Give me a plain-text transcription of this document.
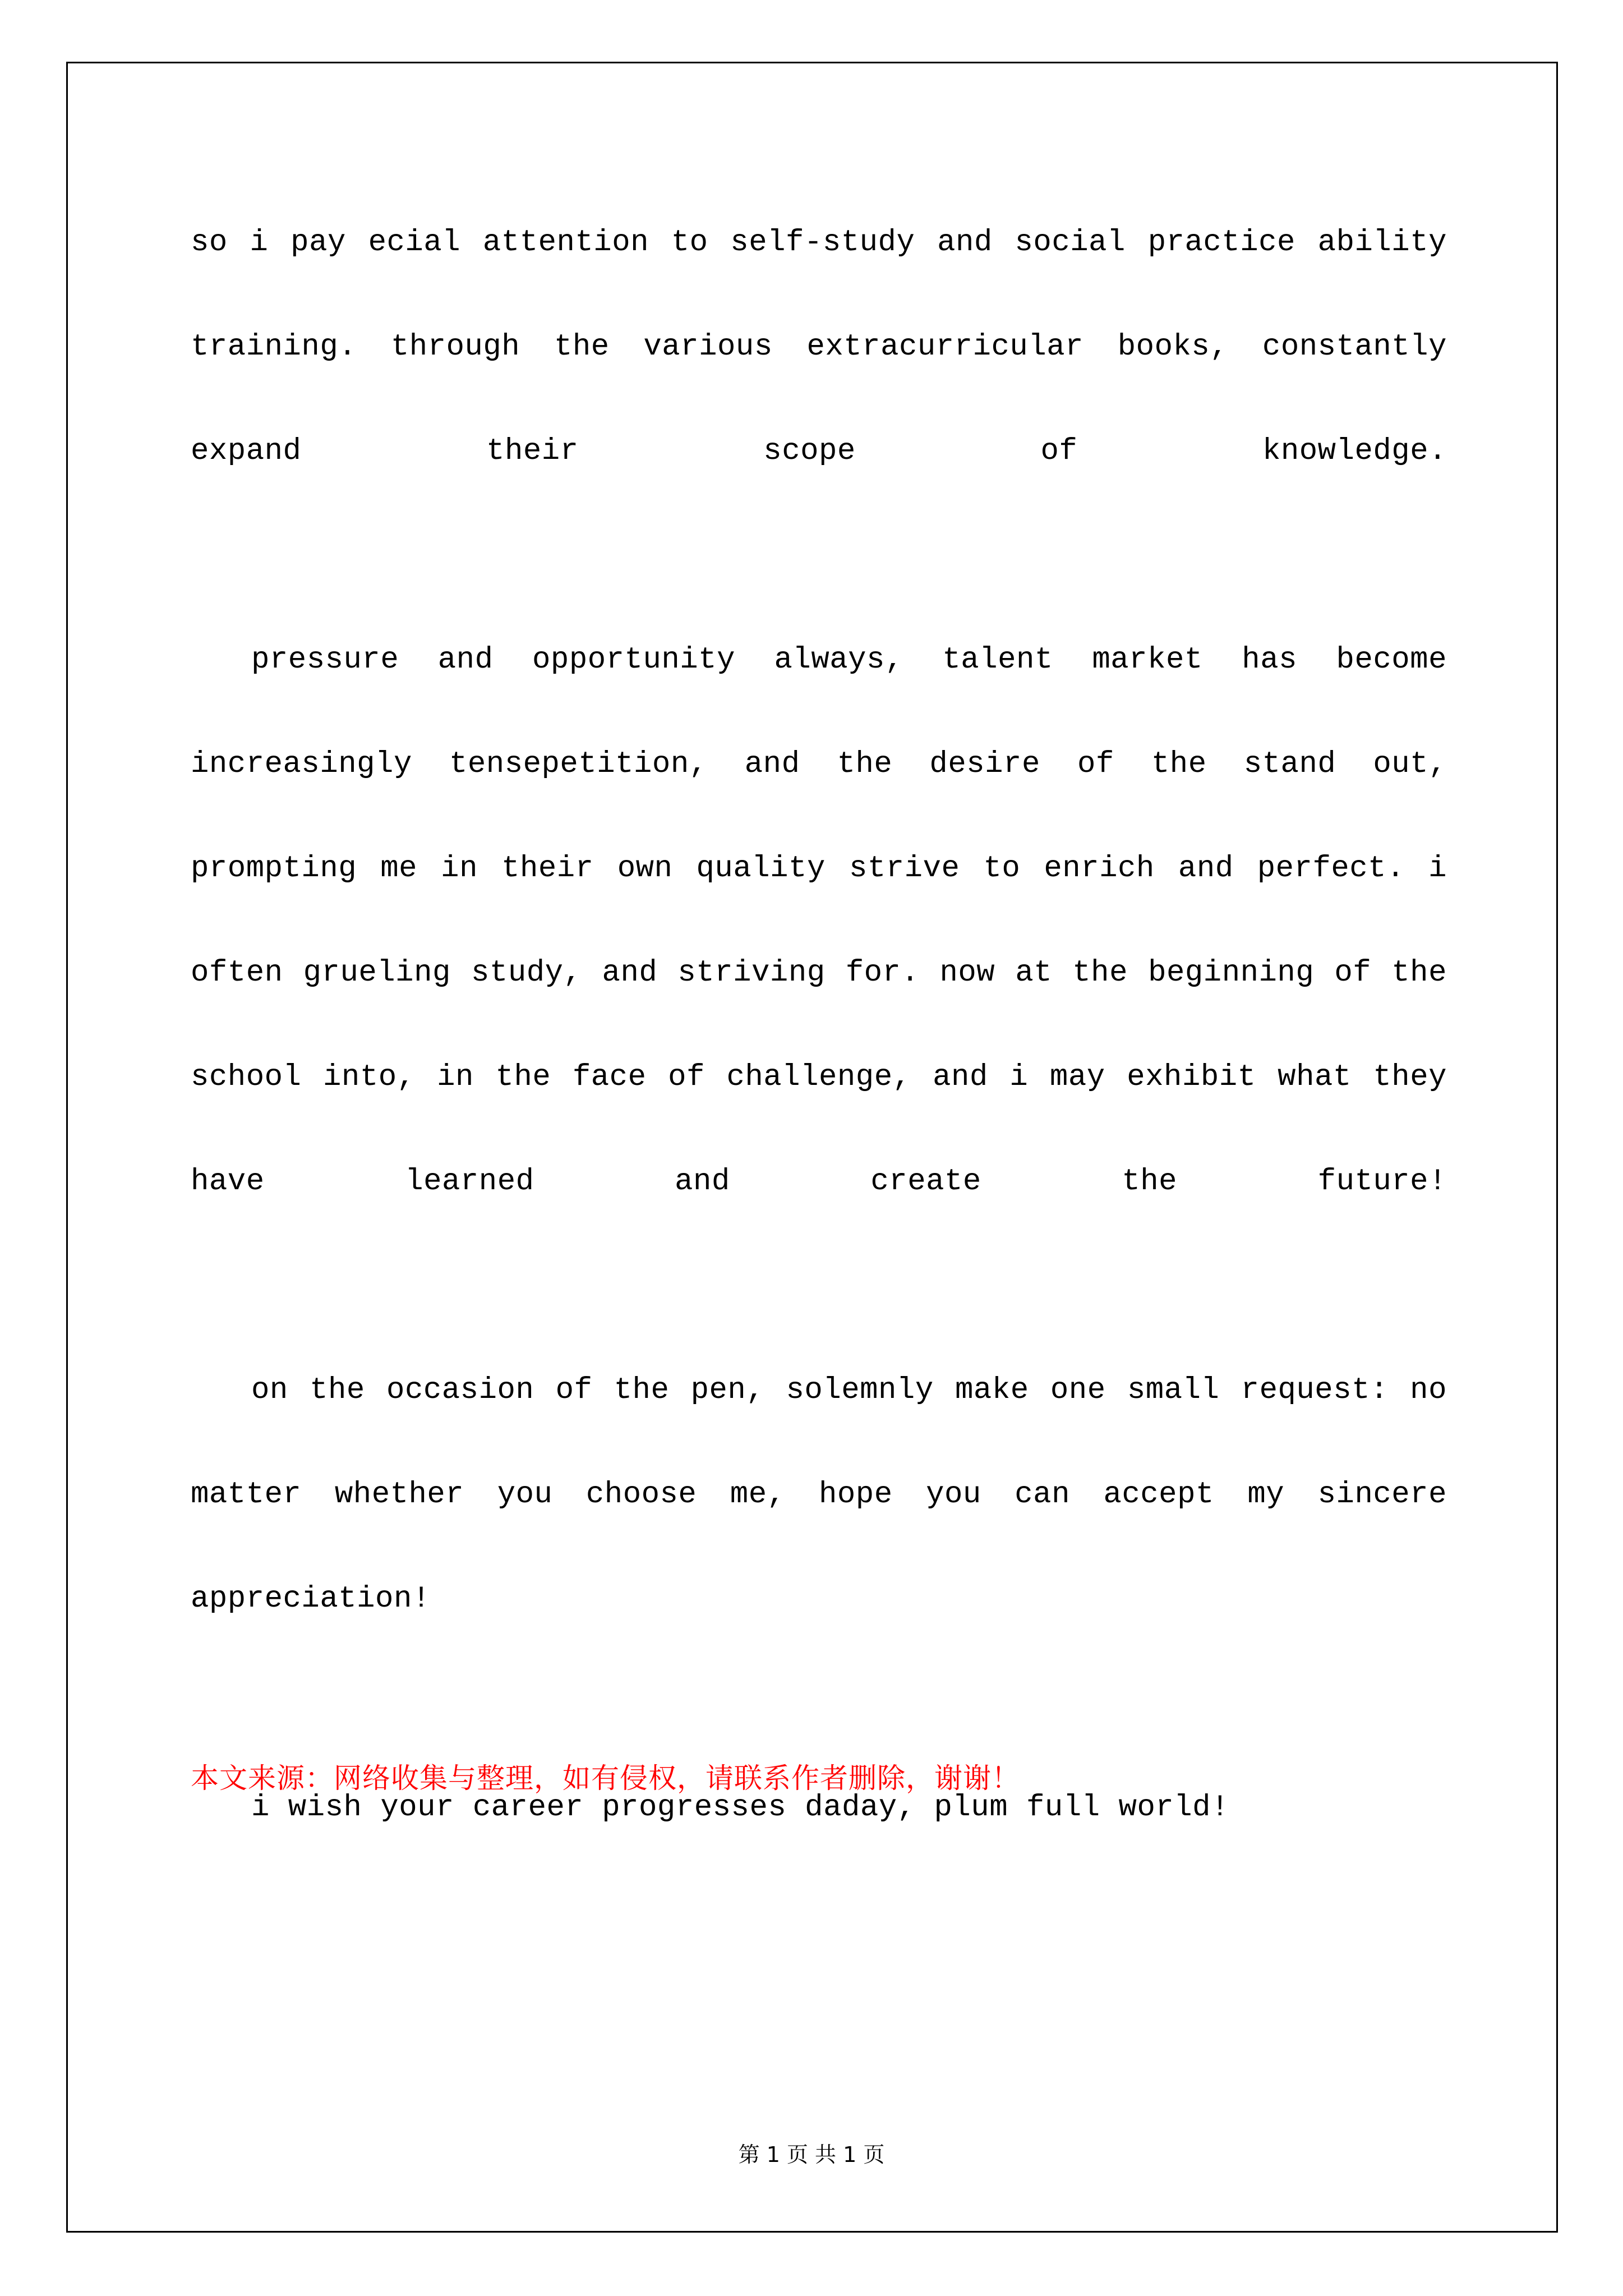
so i pay ecial attention to self-study and social practice ability training. through the various extracurricular books, constantly expand their scope of knowledge.

pressure and opportunity always, talent market has become increasingly tensepetition, and the desire of the stand out, prompting me in their own quality strive to enrich and perfect. i often grueling study, and striving for. now at the beginning of the school into, in the face of challenge, and i may exhibit what they have learned and create the future!

on the occasion of the pen, solemnly make one small request: no matter whether you choose me, hope you can accept my sincere appreciation!

i wish your career progresses daday, plum full world!

本文来源：网络收集与整理，如有侵权，请联系作者删除，谢谢！
第 1 页 共 1 页
